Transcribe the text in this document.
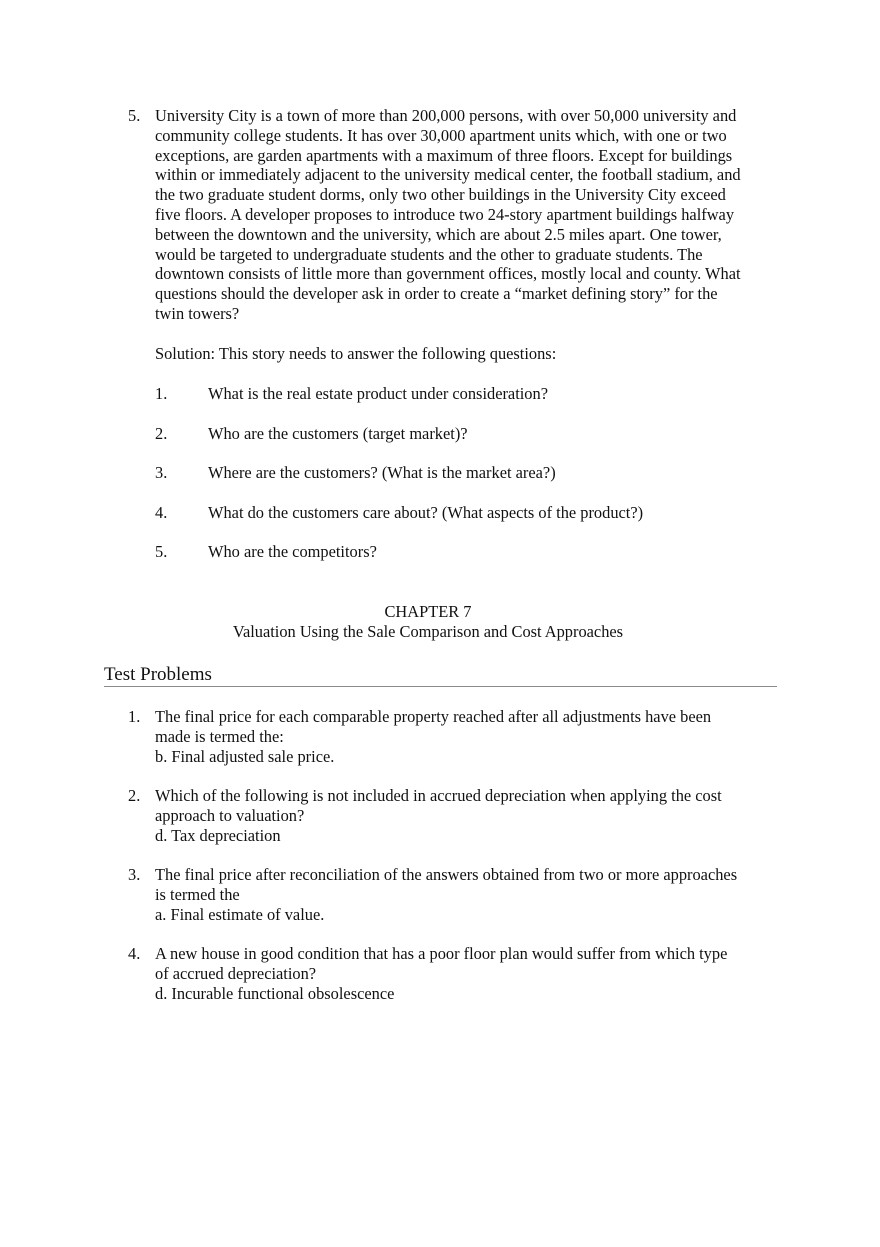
5. University City is a town of more than 200,000 persons, with over 50,000 university and

community college students. It has over 30,000 apartment units which, with one or two

exceptions, are garden apartments with a maximum of three floors. Except for buildings

within or immediately adjacent to the university medical center, the football stadium, and

the two graduate student dorms, only two other buildings in the University City exceed

five floors. A developer proposes to introduce two 24-story apartment buildings halfway

between the downtown and the university, which are about 2.5 miles apart. One tower,

would be targeted to undergraduate students and the other to graduate students. The

downtown consists of little more than government offices, mostly local and county. What

questions should the developer ask in order to create a “market defining story” for the

twin towers?

Solution: This story needs to answer the following questions:
1. What is the real estate product under consideration?
2. Who are the customers (target market)?
3. Where are the customers? (What is the market area?)
4. What do the customers care about? (What aspects of the product?)
5. Who are the competitors?
CHAPTER 7
Valuation Using the Sale Comparison and Cost Approaches
Test Problems
1. The final price for each comparable property reached after all adjustments have been

made is termed the:

b. Final adjusted sale price.

2. Which of the following is not included in accrued depreciation when applying the cost

approach to valuation?

d. Tax depreciation

3. The final price after reconciliation of the answers obtained from two or more approaches

is termed the

a. Final estimate of value.

4. A new house in good condition that has a poor floor plan would suffer from which type

of accrued depreciation?

d. Incurable functional obsolescence
